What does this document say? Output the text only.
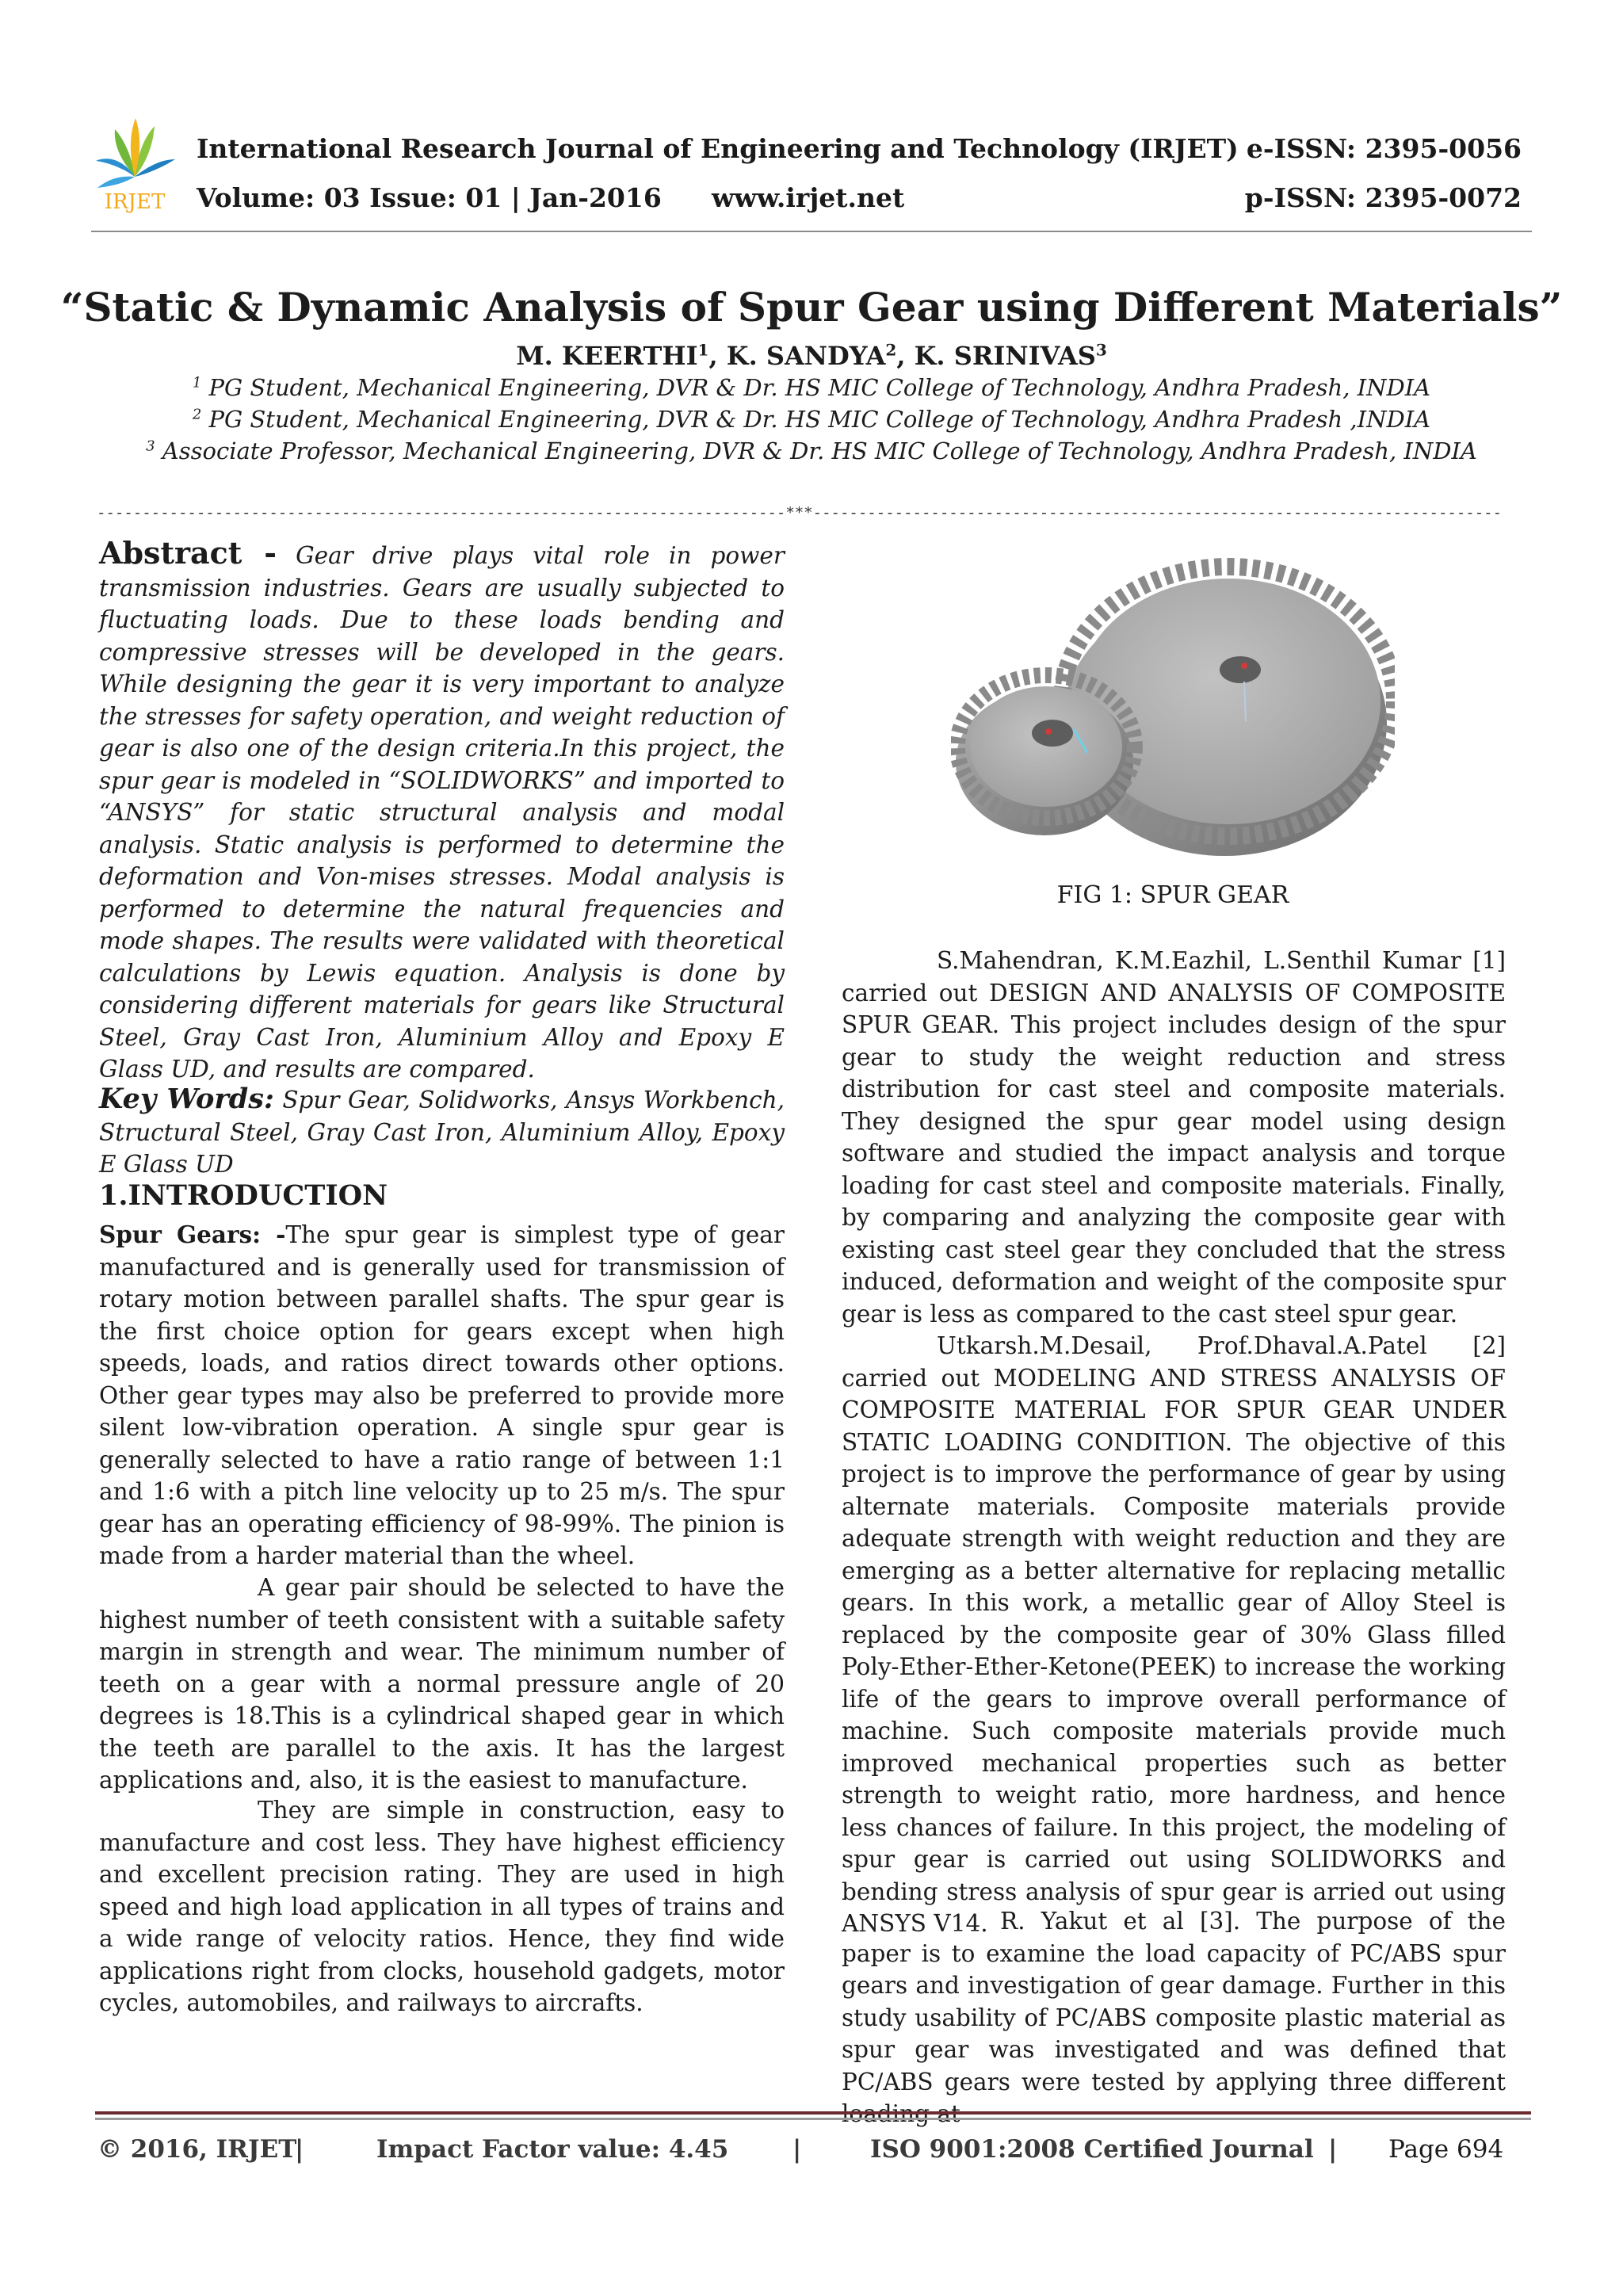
IRJET
International Research Journal of Engineering and Technology (IRJET) e-ISSN: 2395-0056
Volume: 03 Issue: 01 | Jan-2016 www.irjet.net	p-ISSN: 2395-0072
“Static & Dynamic Analysis of Spur Gear using Different Materials”
M. KEERTHI$^1$, K. SANDYA$^2$, K. SRINIVAS$^3$
$^1$ PG Student, Mechanical Engineering, DVR & Dr. HS MIC College of Technology, Andhra Pradesh, INDIA
$^2$ PG Student, Mechanical Engineering, DVR & Dr. HS MIC College of Technology, Andhra Pradesh ,INDIA
$^3$ Associate Professor, Mechanical Engineering, DVR & Dr. HS MIC College of Technology, Andhra Pradesh, INDIA
----------------------------------------------------------------------------***----------------------------------------------------------------------------
Abstract - Gear drive plays vital role in power transmission industries. Gears are usually subjected to fluctuating loads. Due to these loads bending and compressive stresses will be developed in the gears. While designing the gear it is very important to analyze the stresses for safety operation, and weight reduction of gear is also one of the design criteria.In this project, the spur gear is modeled in “SOLIDWORKS” and imported to “ANSYS” for static structural analysis and modal analysis. Static analysis is performed to determine the deformation and Von-mises stresses. Modal analysis is performed to determine the natural frequencies and mode shapes. The results were validated with theoretical calculations by Lewis equation. Analysis is done by considering different materials for gears like Structural Steel, Gray Cast Iron, Aluminium Alloy and Epoxy E Glass UD, and results are compared.
Key Words: Spur Gear, Solidworks, Ansys Workbench, Structural Steel, Gray Cast Iron, Aluminium Alloy, Epoxy E Glass UD
1.INTRODUCTION
Spur Gears: -The spur gear is simplest type of gear manufactured and is generally used for transmission of rotary motion between parallel shafts. The spur gear is the first choice option for gears except when high speeds, loads, and ratios direct towards other options. Other gear types may also be preferred to provide more silent low-vibration operation. A single spur gear is generally selected to have a ratio range of between 1:1 and 1:6 with a pitch line velocity up to 25 m/s. The spur gear has an operating efficiency of 98-99%. The pinion is made from a harder material than the wheel.
A gear pair should be selected to have the highest number of teeth consistent with a suitable safety margin in strength and wear. The minimum number of teeth on a gear with a normal pressure angle of 20 degrees is 18.This is a cylindrical shaped gear in which the teeth are parallel to the axis. It has the largest applications and, also, it is the easiest to manufacture.
They are simple in construction, easy to manufacture and cost less. They have highest efficiency and excellent precision rating. They are used in high speed and high load application in all types of trains and a wide range of velocity ratios. Hence, they find wide applications right from clocks, household gadgets, motor cycles, automobiles, and railways to aircrafts.
FIG 1: SPUR GEAR
S.Mahendran, K.M.Eazhil, L.Senthil Kumar [1] carried out DESIGN AND ANALYSIS OF COMPOSITE SPUR GEAR. This project includes design of the spur gear to study the weight reduction and stress distribution for cast steel and composite materials. They designed the spur gear model using design software and studied the impact analysis and torque loading for cast steel and composite materials. Finally, by comparing and analyzing the composite gear with existing cast steel gear they concluded that the stress induced, deformation and weight of the composite spur gear is less as compared to the cast steel spur gear.
Utkarsh.M.Desail, Prof.Dhaval.A.Patel [2] carried out MODELING AND STRESS ANALYSIS OF COMPOSITE MATERIAL FOR SPUR GEAR UNDER STATIC LOADING CONDITION. The objective of this project is to improve the performance of gear by using alternate materials. Composite materials provide adequate strength with weight reduction and they are emerging as a better alternative for replacing metallic gears. In this work, a metallic gear of Alloy Steel is replaced by the composite gear of 30% Glass filled Poly-Ether-Ether-Ketone(PEEK) to increase the working life of the gears to improve overall performance of machine. Such composite materials provide much improved mechanical properties such as better strength to weight ratio, more hardness, and hence less chances of failure. In this project, the modeling of spur gear is carried out using SOLIDWORKS and bending stress analysis of spur gear is arried out using ANSYS V14. R. Yakut et al [3]. The purpose of the paper is to examine the load capacity of PC/ABS spur gears and investigation of gear damage. Further in this study usability of PC/ABS composite plastic material as spur gear was investigated and was defined that PC/ABS gears were tested by applying three different
© 2016, IRJET
|	Impact Factor value: 4.45	|	ISO 9001:2008 Certified Journal | Page 694
